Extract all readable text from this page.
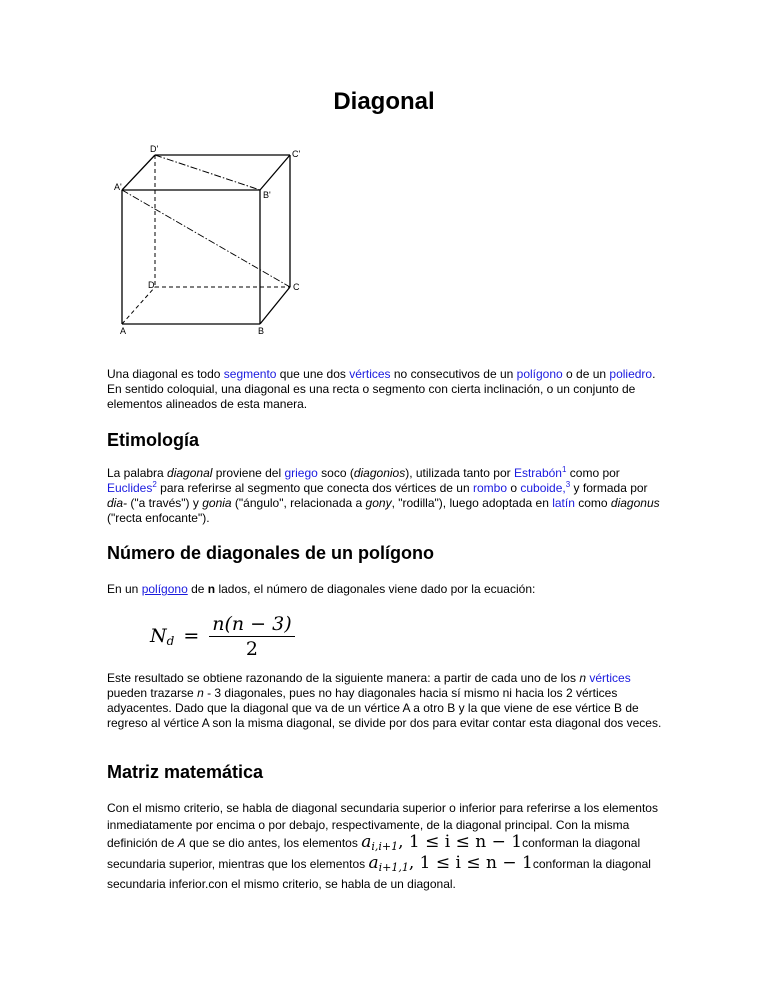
Diagonal
D'	C'
A'
B'
D	C
A	B

Una diagonal es todo segmento que une dos vértices no consecutivos de un polígono o de un poliedro. En sentido coloquial, una diagonal es una recta o segmento con cierta inclinación, o un conjunto de elementos alineados de esta manera.

Etimología

La palabra diagonal proviene del griego soco (diagonios), utilizada tanto por Estrabón$^1$ como por Euclides$^2$ para referirse al segmento que conecta dos vértices de un rombo o cuboide,$^3$ y formada por dia- ("a través") y gonia ("ángulo", relacionada a gony, "rodilla"), luego adoptada en latín como diagonus ("recta enfocante").

Número de diagonales de un polígono

En un polígono de n lados, el número de diagonales viene dado por la ecuación:

N $d = \frac{n(n - 3)}{2}$

Este resultado se obtiene razonando de la siguiente manera: a partir de cada uno de los n vértices pueden trazarse n - 3 diagonales, pues no hay diagonales hacia sí mismo ni hacia los 2 vértices adyacentes. Dado que la diagonal que va de un vértice A a otro B y la que viene de ese vértice B de regreso al vértice A son la misma diagonal, se divide por dos para evitar contar esta diagonal dos veces.

Matriz matemática

Con el mismo criterio, se habla de diagonal secundaria superior o inferior para referirse a los elementos inmediatamente por encima o por debajo, respectivamente, de la diagonal principal. Con la misma definición de A que se dio antes, los elementos $a_{i,i+1}$, 1 ≤ i ≤ n − 1conforman la diagonal secundaria superior, mientras que los elementos $a_{i+1,1}$, 1 ≤ i ≤ n − 1conforman la diagonal secundaria inferior.con el mismo criterio, se habla de un diagonal.
